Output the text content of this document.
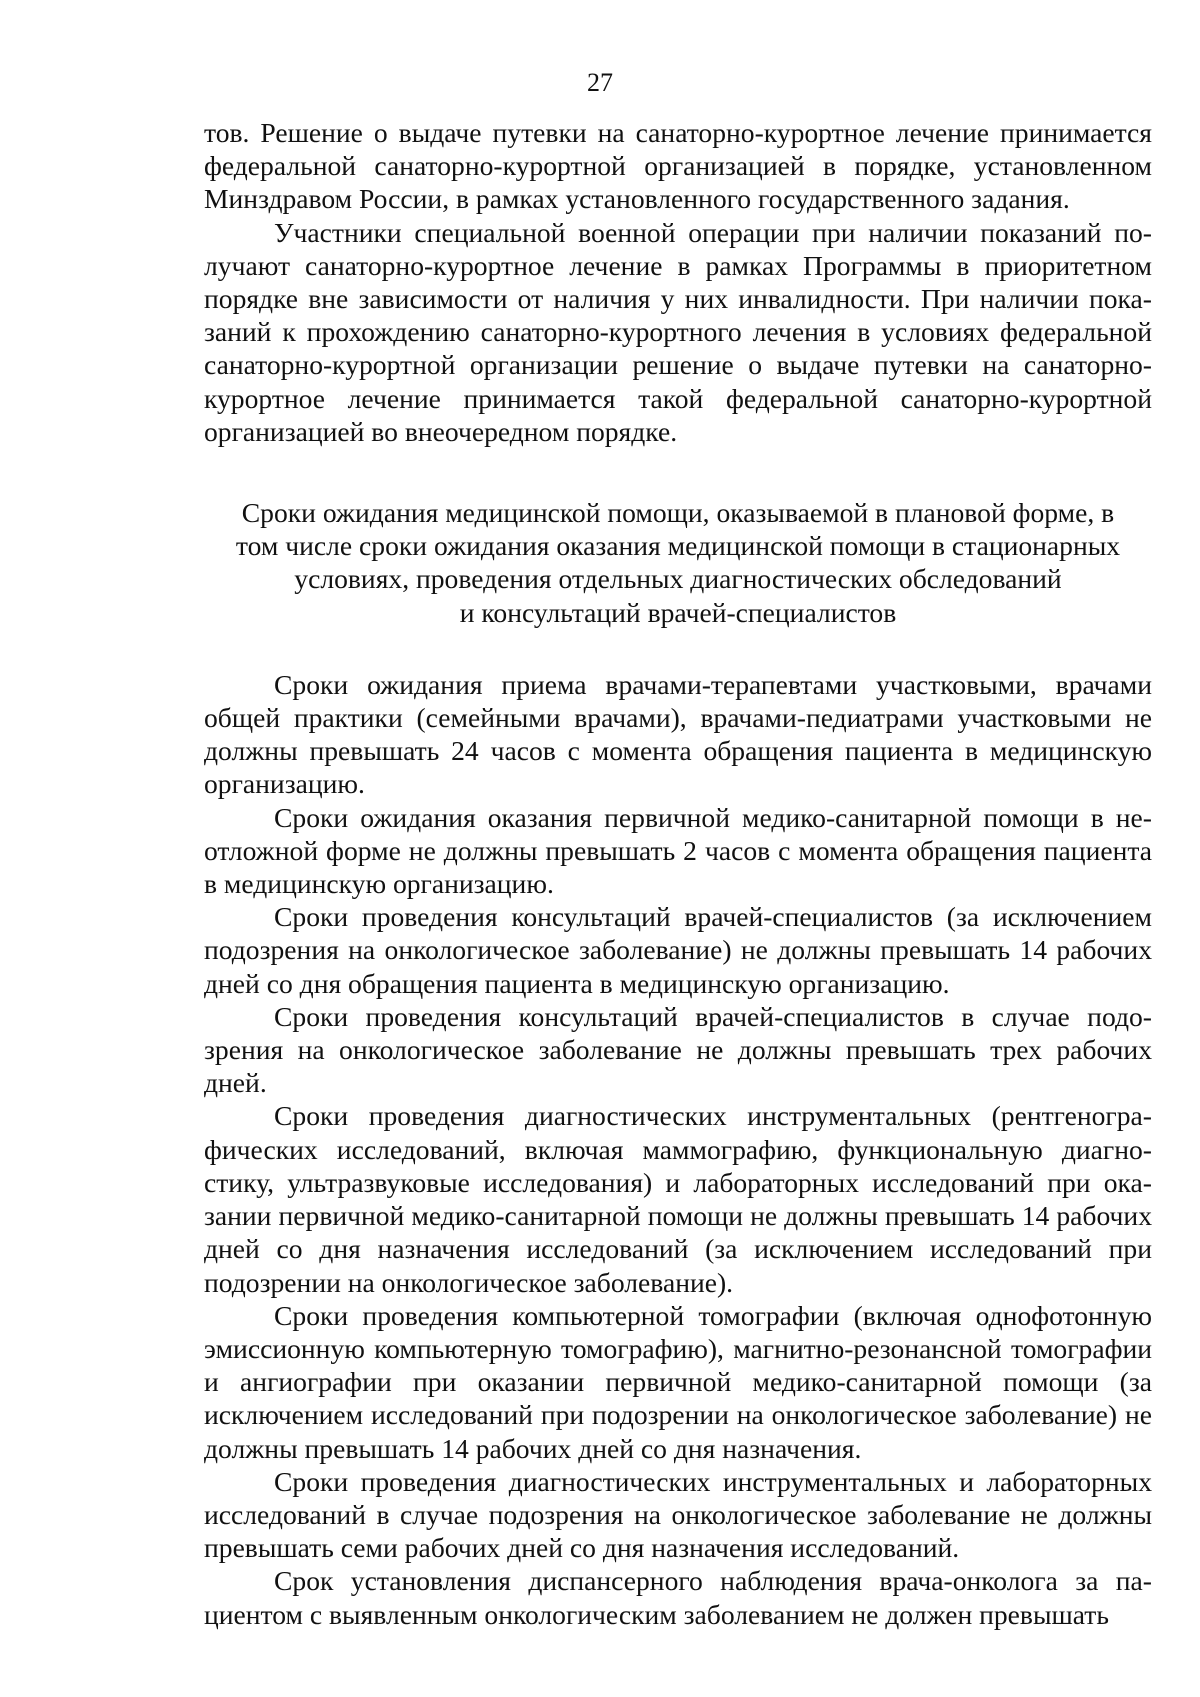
27

тов. Решение о выдаче путевки на санаторно-курортное лечение принимается федеральной санаторно-курортной организацией в порядке, установленном Минздравом России, в рамках установленного государственного задания.

Участники специальной военной операции при наличии показаний получают санаторно-курортное лечение в рамках Программы в приоритетном порядке вне зависимости от наличия у них инвалидности. При наличии показаний к прохождению санаторно-курортного лечения в условиях федеральной санаторно-курортной организации решение о выдаче путевки на санаторно-курортное лечение принимается такой федеральной санаторно-курортной организацией во внеочередном порядке.

Сроки ожидания медицинской помощи, оказываемой в плановой форме, в
том числе сроки ожидания оказания медицинской помощи в стационарных
условиях, проведения отдельных диагностических обследований
и консультаций врачей-специалистов

Сроки ожидания приема врачами-терапевтами участковыми, врачами общей практики (семейными врачами), врачами-педиатрами участковыми не должны превышать 24 часов с момента обращения пациента в медицинскую организацию.

Сроки ожидания оказания первичной медико-санитарной помощи в неотложной форме не должны превышать 2 часов с момента обращения пациента в медицинскую организацию.

Сроки проведения консультаций врачей-специалистов (за исключением подозрения на онкологическое заболевание) не должны превышать 14 рабочих дней со дня обращения пациента в медицинскую организацию.

Сроки проведения консультаций врачей-специалистов в случае подозрения на онкологическое заболевание не должны превышать трех рабочих дней.

Сроки проведения диагностических инструментальных (рентгенографических исследований, включая маммографию, функциональную диагностику, ультразвуковые исследования) и лабораторных исследований при оказании первичной медико-санитарной помощи не должны превышать 14 рабочих дней со дня назначения исследований (за исключением исследований при подозрении на онкологическое заболевание).

Сроки проведения компьютерной томографии (включая однофотонную эмиссионную компьютерную томографию), магнитно-резонансной томографии и ангиографии при оказании первичной медико-санитарной помощи (за исключением исследований при подозрении на онкологическое заболевание) не должны превышать 14 рабочих дней со дня назначения.

Сроки проведения диагностических инструментальных и лабораторных исследований в случае подозрения на онкологическое заболевание не должны превышать семи рабочих дней со дня назначения исследований.

Срок установления диспансерного наблюдения врача-онколога за пациентом с выявленным онкологическим заболеванием не должен превышать
